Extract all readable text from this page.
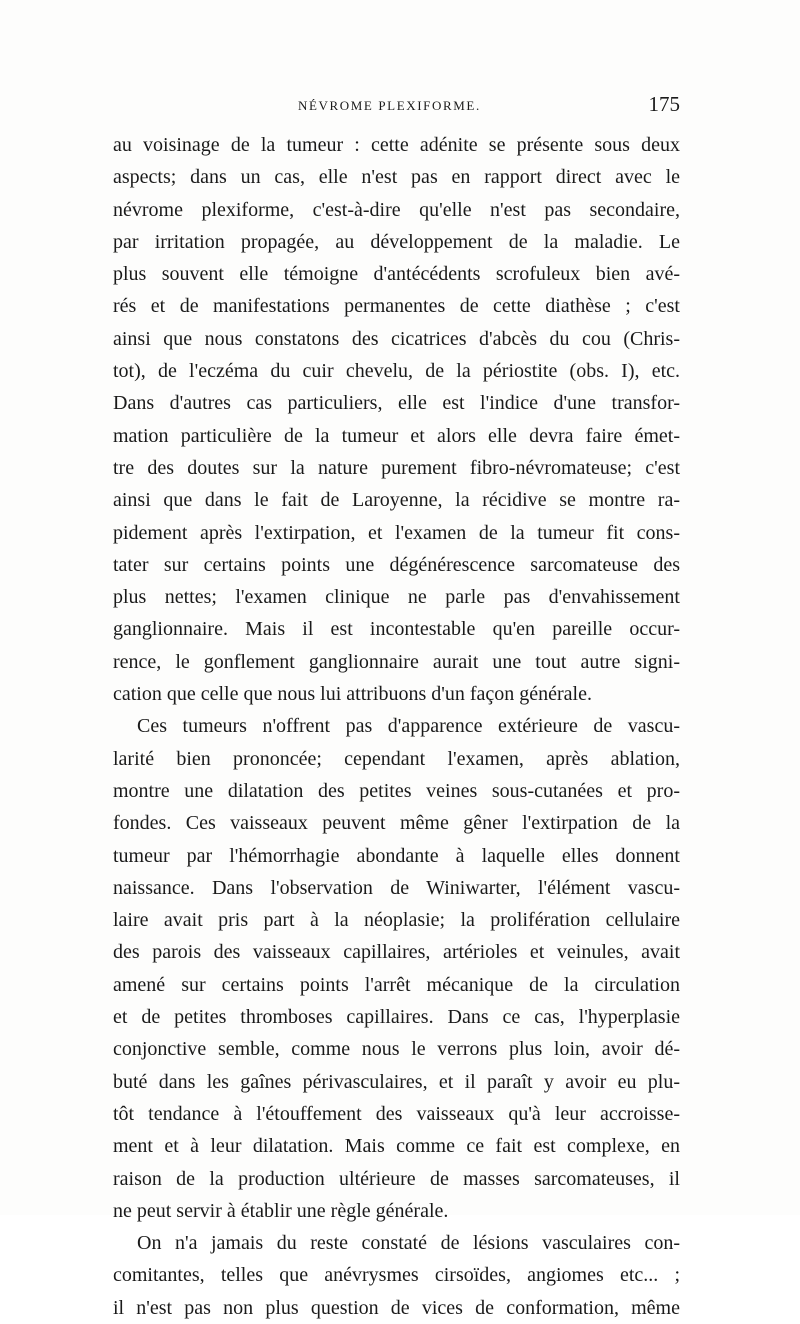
NÉVROME PLEXIFORME.	175
au voisinage de la tumeur : cette adénite se présente sous deux
aspects; dans un cas, elle n'est pas en rapport direct avec le
névrome plexiforme, c'est-à-dire qu'elle n'est pas secondaire,
par irritation propagée, au développement de la maladie. Le
plus souvent elle témoigne d'antécédents scrofuleux bien avé-
rés et de manifestations permanentes de cette diathèse ; c'est
ainsi que nous constatons des cicatrices d'abcès du cou (Chris-
tot), de l'eczéma du cuir chevelu, de la périostite (obs. I), etc.
Dans d'autres cas particuliers, elle est l'indice d'une transfor-
mation particulière de la tumeur et alors elle devra faire émet-
tre des doutes sur la nature purement fibro-névromateuse; c'est
ainsi que dans le fait de Laroyenne, la récidive se montre ra-
pidement après l'extirpation, et l'examen de la tumeur fit cons-
tater sur certains points une dégénérescence sarcomateuse des
plus nettes; l'examen clinique ne parle pas d'envahissement
ganglionnaire. Mais il est incontestable qu'en pareille occur-
rence, le gonflement ganglionnaire aurait une tout autre signi-
cation que celle que nous lui attribuons d'un façon générale.
Ces tumeurs n'offrent pas d'apparence extérieure de vascu-
larité bien prononcée; cependant l'examen, après ablation,
montre une dilatation des petites veines sous-cutanées et pro-
fondes. Ces vaisseaux peuvent même gêner l'extirpation de la
tumeur par l'hémorrhagie abondante à laquelle elles donnent
naissance. Dans l'observation de Winiwarter, l'élément vascu-
laire avait pris part à la néoplasie; la prolifération cellulaire
des parois des vaisseaux capillaires, artérioles et veinules, avait
amené sur certains points l'arrêt mécanique de la circulation
et de petites thromboses capillaires. Dans ce cas, l'hyperplasie
conjonctive semble, comme nous le verrons plus loin, avoir dé-
buté dans les gaînes périvasculaires, et il paraît y avoir eu plu-
tôt tendance à l'étouffement des vaisseaux qu'à leur accroisse-
ment et à leur dilatation. Mais comme ce fait est complexe, en
raison de la production ultérieure de masses sarcomateuses, il
ne peut servir à établir une règle générale.
On n'a jamais du reste constaté de lésions vasculaires con-
comitantes, telles que anévrysmes cirsoïdes, angiomes etc... ;
il n'est pas non plus question de vices de conformation, même
